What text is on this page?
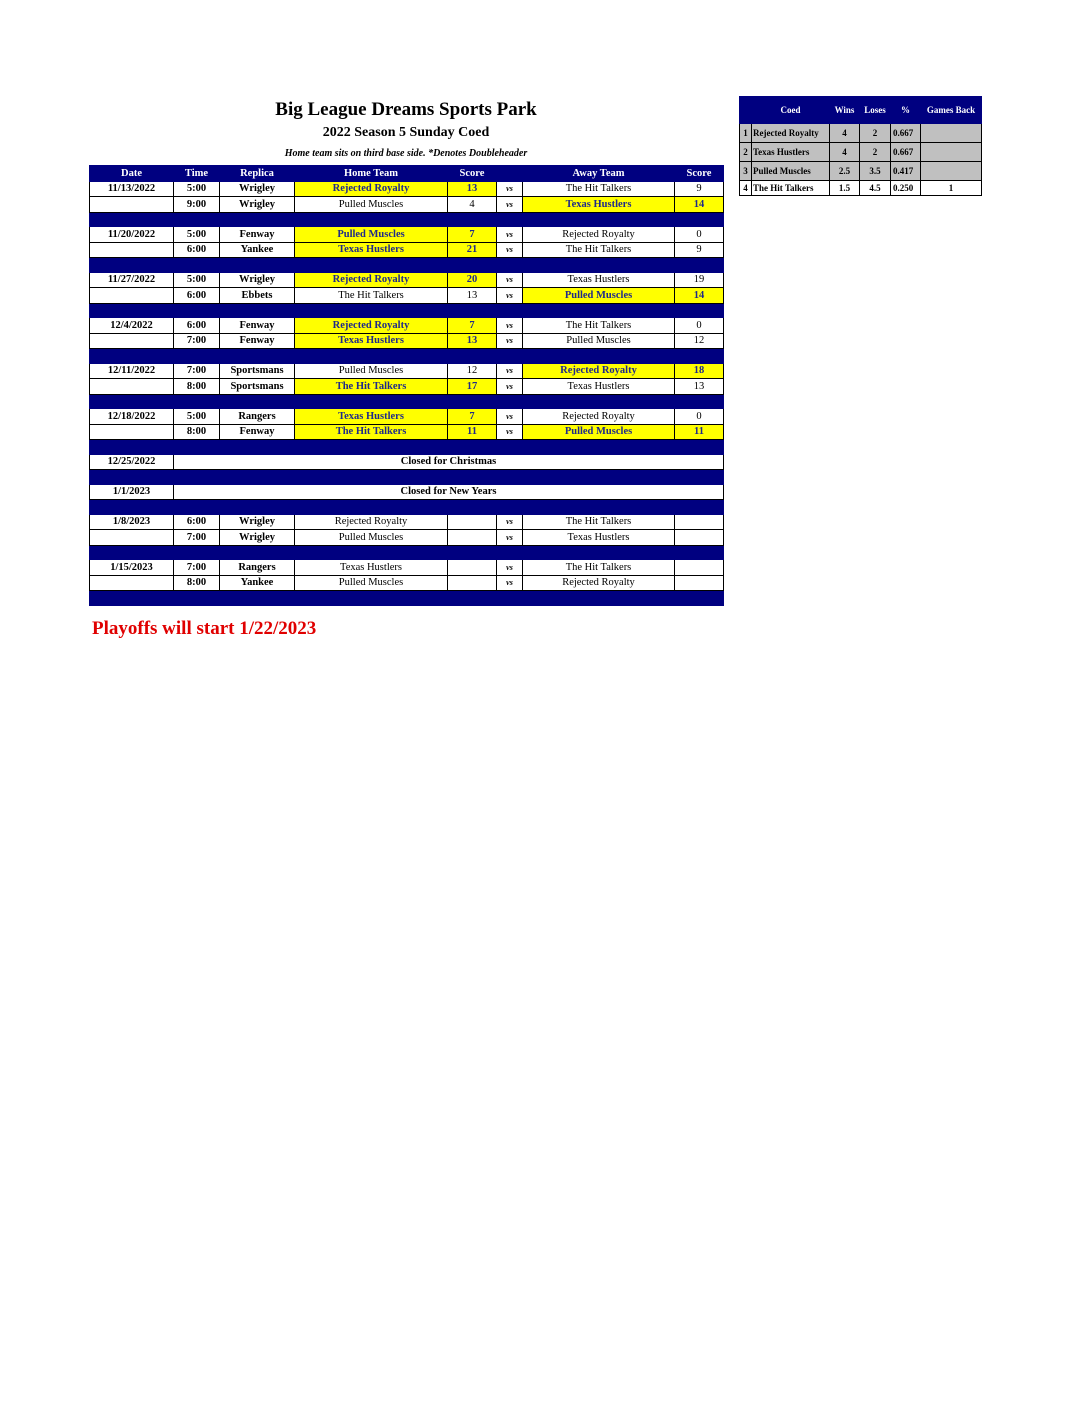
Big League Dreams Sports Park
2022 Season 5 Sunday Coed
Home team sits on third base side. *Denotes Doubleheader
Date	Time	Replica	Home Team	Score		Away Team	Score
11/13/2022	5:00	Wrigley	Rejected Royalty	13	vs	The Hit Talkers	9
	9:00	Wrigley	Pulled Muscles	4	vs	Texas Hustlers	14

11/20/2022	5:00	Fenway	Pulled Muscles	7	vs	Rejected Royalty	0
	6:00	Yankee	Texas Hustlers	21	vs	The Hit Talkers	9

11/27/2022	5:00	Wrigley	Rejected Royalty	20	vs	Texas Hustlers	19
	6:00	Ebbets	The Hit Talkers	13	vs	Pulled Muscles	14

12/4/2022	6:00	Fenway	Rejected Royalty	7	vs	The Hit Talkers	0
	7:00	Fenway	Texas Hustlers	13	vs	Pulled Muscles	12

12/11/2022	7:00	Sportsmans	Pulled Muscles	12	vs	Rejected Royalty	18
	8:00	Sportsmans	The Hit Talkers	17	vs	Texas Hustlers	13

12/18/2022	5:00	Rangers	Texas Hustlers	7	vs	Rejected Royalty	0
	8:00	Fenway	The Hit Talkers	11	vs	Pulled Muscles	11

12/25/2022	Closed for Christmas						

1/1/2023	Closed for New Years						

1/8/2023	6:00	Wrigley	Rejected Royalty		vs	The Hit Talkers	
	7:00	Wrigley	Pulled Muscles		vs	Texas Hustlers	

1/15/2023	7:00	Rangers	Texas Hustlers		vs	The Hit Talkers	
	8:00	Yankee	Pulled Muscles		vs	Rejected Royalty	

	Coed	Wins	Loses	%	Games Back
1	Rejected Royalty	4	2	0.667	
2	Texas Hustlers	4	2	0.667	
3	Pulled Muscles	2.5	3.5	0.417	
4	The Hit Talkers	1.5	4.5	0.250	1
Playoffs will start 1/22/2023
